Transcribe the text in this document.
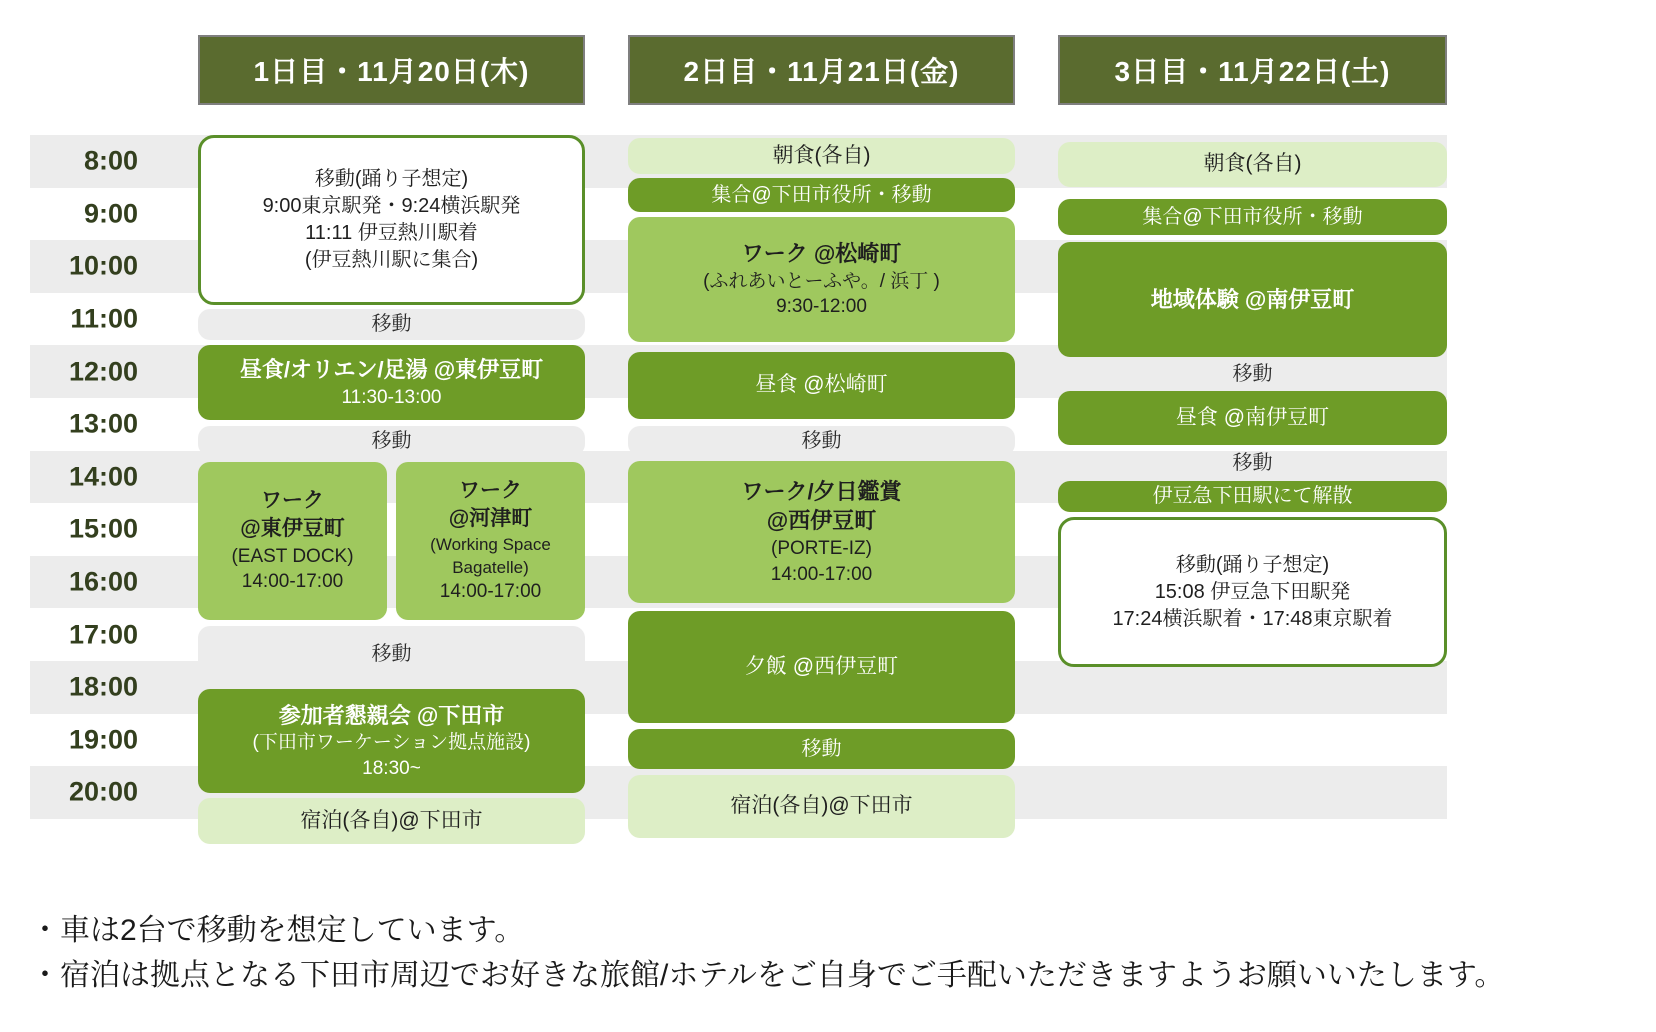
8:00
9:00
10:00
11:00
12:00
13:00
14:00
15:00
16:00
17:00
18:00
19:00
20:00
1日目・11月20日(木)	2日目・11月21日(金)	3日目・11月22日(土)
移動(踊り子想定)
9:00東京駅発・9:24横浜駅発
11:11 伊豆熱川駅着
(伊豆熱川駅に集合)
移動
昼食/オリエン/足湯 @東伊豆町
11:30-13:00
移動
ワーク
@東伊豆町
(EAST DOCK)
14:00-17:00
ワーク
@河津町
(Working Space Bagatelle)
14:00-17:00
移動
参加者懇親会 @下田市
(下田市ワーケーション拠点施設)
18:30~
宿泊(各自)@下田市
朝食(各自)
集合@下田市役所・移動
ワーク @松崎町
(ふれあいとーふや。/ 浜丁 )
9:30-12:00
昼食 @松崎町
移動
ワーク/夕日鑑賞
@西伊豆町
(PORTE-IZ)
14:00-17:00
夕飯 @西伊豆町
移動
宿泊(各自)@下田市
朝食(各自)
集合@下田市役所・移動
地域体験 @南伊豆町
移動
昼食 @南伊豆町
移動
伊豆急下田駅にて解散
移動(踊り子想定)
15:08 伊豆急下田駅発
17:24横浜駅着・17:48東京駅着

・車は2台で移動を想定しています。

・宿泊は拠点となる下田市周辺でお好きな旅館/ホテルをご自身でご手配いただきますようお願いいたします。
